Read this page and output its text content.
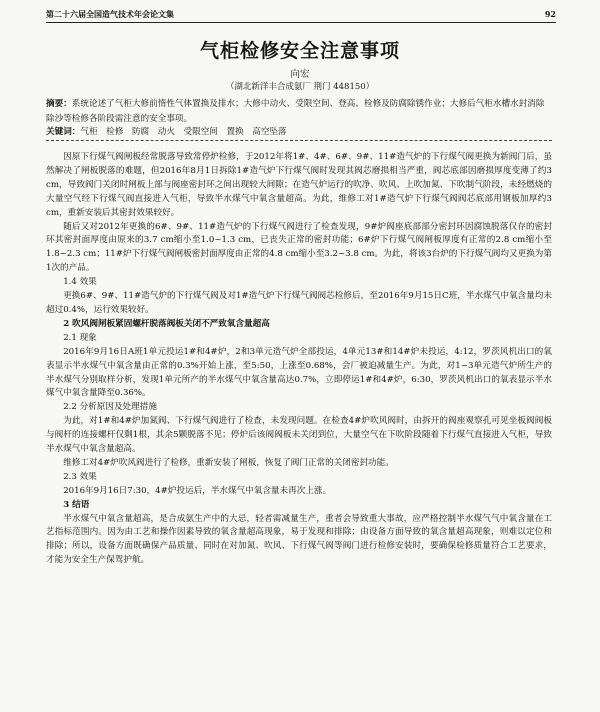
第二十六届全国造气技术年会论文集	92
气柜检修安全注意事项
向宏
（湖北新洋丰合成氨厂 荆门 448150）
摘要：系统论述了气柜大修前惰性气体置换及排水；大修中动火、受限空间、登高、检修及防腐除锈作业；大修后气柜水槽水封消除除沙等检修各阶段需注意的安全事项。
关键词：气柜　检修　防腐　动火　受限空间　置换　高空坠落

因原下行煤气阀闸板经常脱落导致常停炉检修，于2012年将1#、4#、6#、9#、11#造气炉的下行煤气阀更换为新阀门后，虽然解决了闸板脱落的难题，但2016年8月1日拆除1#造气炉下行煤气阀时发现其阀芯磨损相当严重，阀芯底部因磨损厚度变薄了约3 cm，导致阀门关闭时闸板上部与阀座密封环之间出现较大间隙；在造气炉运行的吹净、吹风、上吹加氮、下吹制气阶段，未经燃烧的大量空气经下行煤气阀直接进入气柜，导致半水煤气中氧含量超高。为此，维修工对1#造气炉下行煤气阀阀芯底部用钢板加厚约3 cm，重新安装后其密封效果较好。

随后又对2012年更换的6#、9#、11#造气炉的下行煤气阀进行了检查发现，9#炉阀座底部部分密封环因腐蚀脱落仅存的密封环其密封面厚度由原来的3.7 cm缩小至1.0~1.3 cm，已丧失正常的密封功能；6#炉下行煤气阀闸板厚度有正常的2.8 cm缩小至1.8~2.3 cm；11#炉下行煤气阀闸板密封面厚度由正常的4.8 cm缩小至3.2~3.8 cm。为此，将该3台炉的下行煤气阀均又更换为第1次的产品。

1.4 效果

更换6#、9#、11#造气炉的下行煤气阀及对1#造气炉下行煤气阀阀芯检修后，至2016年9月15日C班，半水煤气中氧含量均未超过0.4%，运行效果较好。

2 吹风阀闸板紧固螺杆脱落阀板关闭不严致氧含量超高

2.1 现象

2016年9月16日A班1单元投运1#和4#炉，2和3单元造气炉全部投运，4单元13#和14#炉未投运，4:12，罗茨风机出口的氧表显示半水煤气中氧含量由正常的0.3%开始上涨，至5:50，上涨至0.68%，会厂被迫减量生产。为此，对1~3单元造气炉所生产的半水煤气分别取样分析，发现1单元所产的半水煤气中氧含量高达0.7%，立即停运1#和4#炉，6:30，罗茨风机出口的氧表显示半水煤气中氧含量降至0.36%。

2.2 分析原因及处理措施

为此，对1#和4#炉加氮阀、下行煤气阀进行了检查，未发现问题。在检查4#炉吹风阀时，由拆开的阀座观察孔可见坐板阀阀板与阀杆的连接螺杆仅剩1根，其余5颗脱落不见；停炉后该阀阀板未关闭到位，大量空气在下吹阶段随着下行煤气直接进入气柜，导致半水煤气中氧含量超高。

维修工对4#炉吹风阀进行了检修，重新安装了闸板，恢复了阀门正常的关闭密封功能。

2.3 效果

2016年9月16日7:30，4#炉投运后，半水煤气中氧含量未再次上涨。

3 结语

半水煤气中氧含量超高，是合成氨生产中的大忌，轻者需减量生产，重者会导致重大事故，应严格控制半水煤气气中氧含量在工艺指标范围内。因为由工艺和操作因素导致的氧含量超高现象，易于发现和排除；由设备方面导致的氧含量超高现象，则难以定位和排除；所以，设备方面既确保产品质量、同时在对加氮、吹风、下行煤气阀等阀门进行检修安装时，要确保检修质量符合工艺要求，才能为安全生产保驾护航。
